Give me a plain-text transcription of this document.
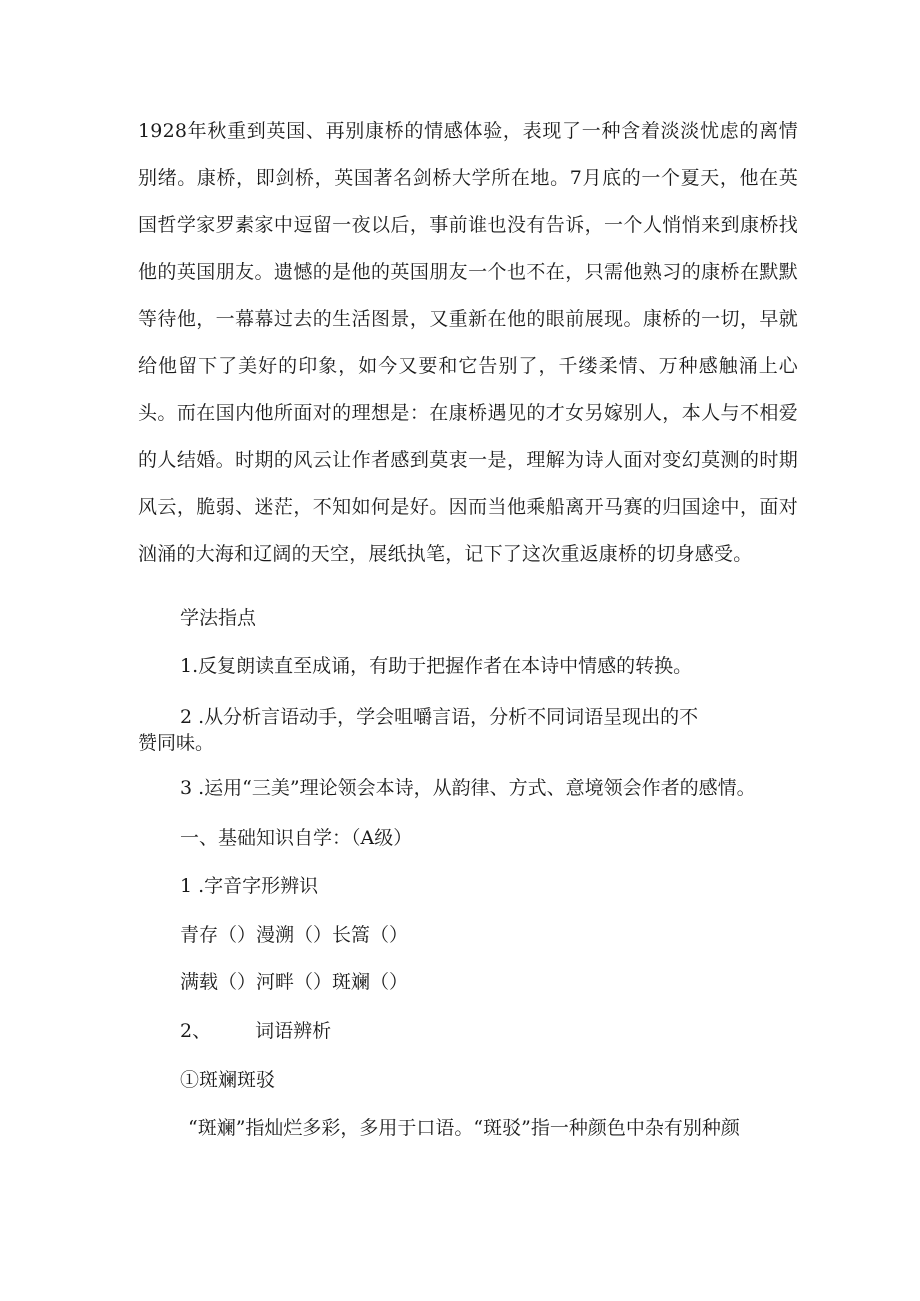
1928年秋重到英国、再别康桥的情感体验，表现了一种含着淡淡忧虑的离情别绪。康桥，即剑桥，英国著名剑桥大学所在地。7月底的一个夏天，他在英国哲学家罗素家中逗留一夜以后，事前谁也没有告诉，一个人悄悄来到康桥找他的英国朋友。遗憾的是他的英国朋友一个也不在，只需他熟习的康桥在默默等待他，一幕幕过去的生活图景，又重新在他的眼前展现。康桥的一切，早就给他留下了美好的印象，如今又要和它告别了，千缕柔情、万种感触涌上心头。而在国内他所面对的理想是：在康桥遇见的才女另嫁别人，本人与不相爱的人结婚。时期的风云让作者感到莫衷一是，理解为诗人面对变幻莫测的时期风云，脆弱、迷茫，不知如何是好。因而当他乘船离开马赛的归国途中，面对汹涌的大海和辽阔的天空，展纸执笔，记下了这次重返康桥的切身感受。

学法指点

1.反复朗读直至成诵，有助于把握作者在本诗中情感的转换。

2 .从分析言语动手，学会咀嚼言语，分析不同词语呈现出的不

赞同味。

3 .运用“三美”理论领会本诗，从韵律、方式、意境领会作者的感情。

一、基础知识自学：（A级）

1 .字音字形辨识

青存（）漫溯（）长篙（）

满载（）河畔（）斑斓（）

2、 词语辨析

①斑斓斑驳

“斑斓”指灿烂多彩，多用于口语。“斑驳”指一种颜色中杂有别种颜
